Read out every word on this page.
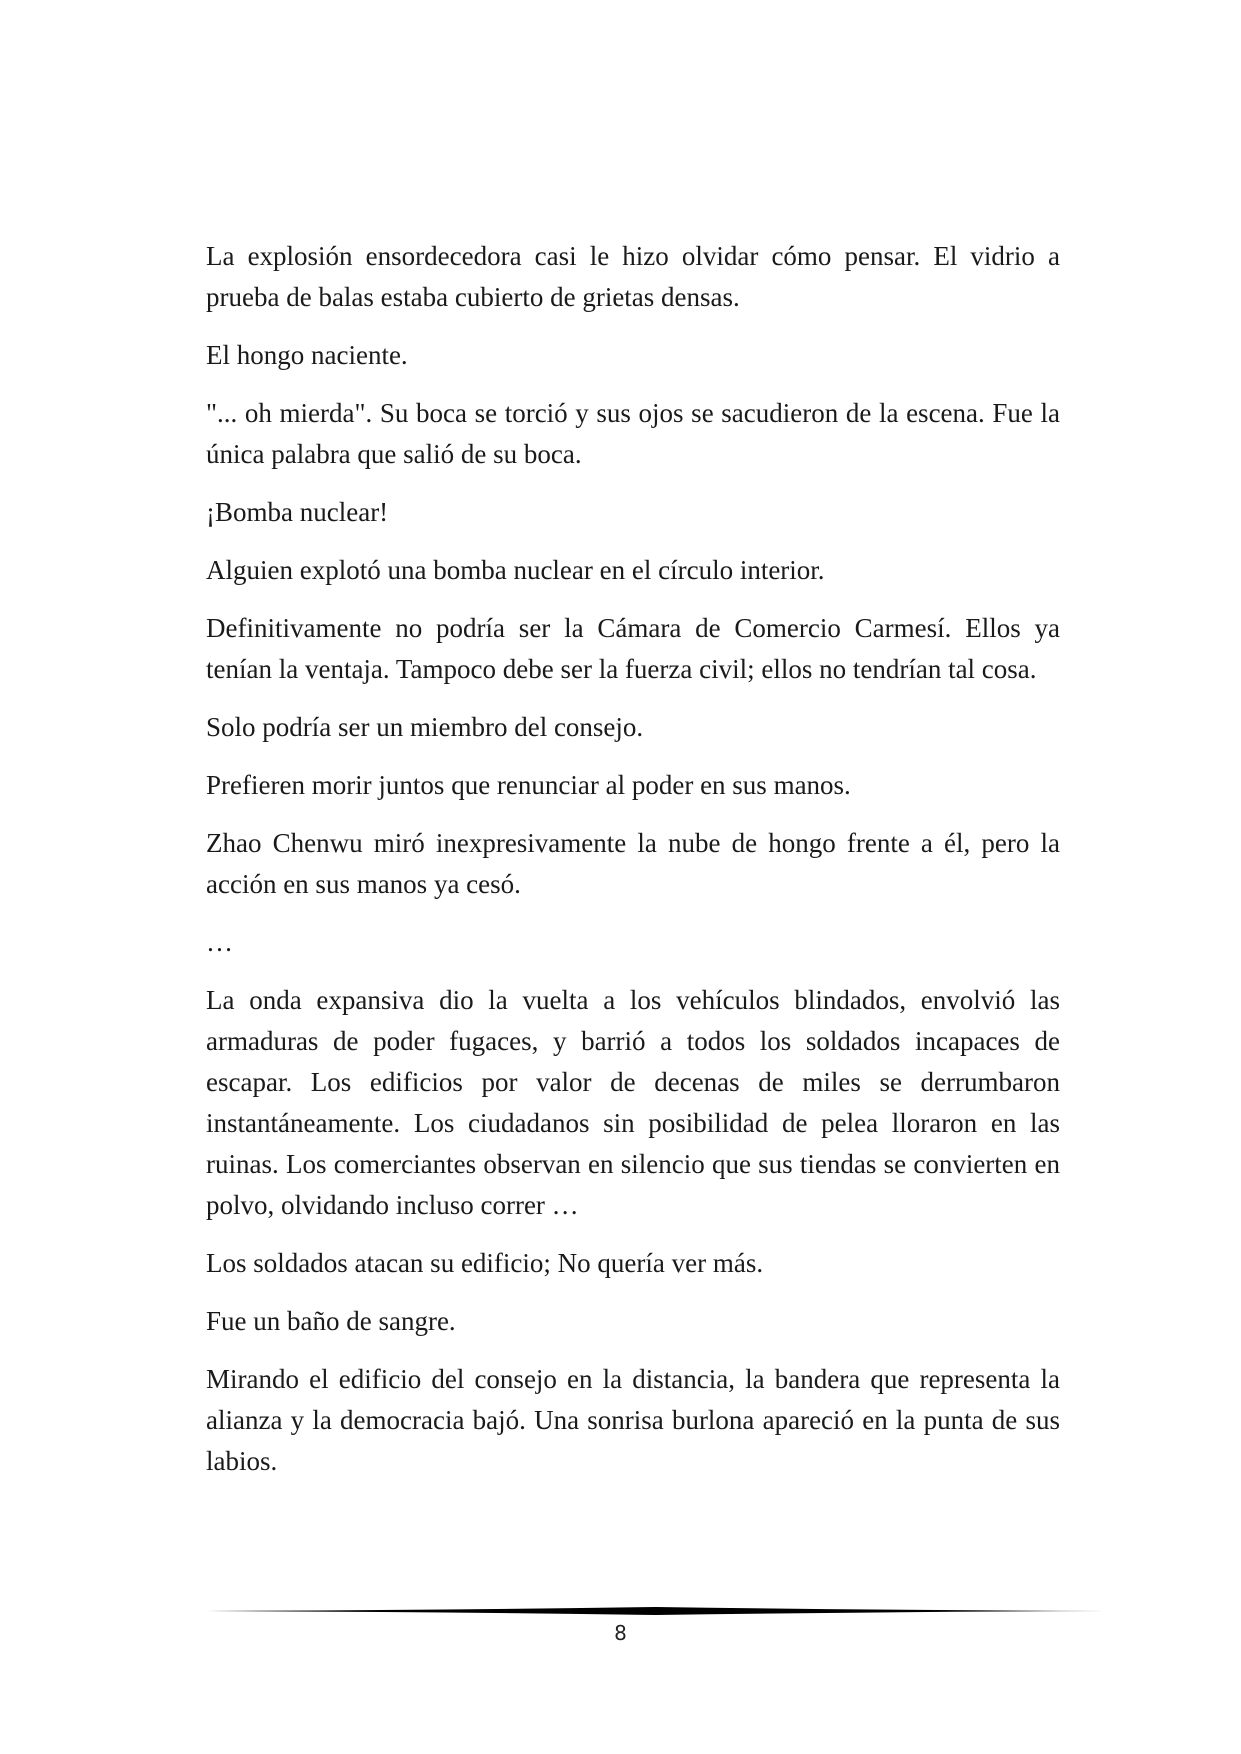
La explosión ensordecedora casi le hizo olvidar cómo pensar. El vidrio a prueba de balas estaba cubierto de grietas densas.

El hongo naciente.

"... oh mierda". Su boca se torció y sus ojos se sacudieron de la escena. Fue la única palabra que salió de su boca.

¡Bomba nuclear!

Alguien explotó una bomba nuclear en el círculo interior.

Definitivamente no podría ser la Cámara de Comercio Carmesí. Ellos ya tenían la ventaja. Tampoco debe ser la fuerza civil; ellos no tendrían tal cosa.

Solo podría ser un miembro del consejo.

Prefieren morir juntos que renunciar al poder en sus manos.

Zhao Chenwu miró inexpresivamente la nube de hongo frente a él, pero la acción en sus manos ya cesó.

…

La onda expansiva dio la vuelta a los vehículos blindados, envolvió las armaduras de poder fugaces, y barrió a todos los soldados incapaces de escapar. Los edificios por valor de decenas de miles se derrumbaron instantáneamente. Los ciudadanos sin posibilidad de pelea lloraron en las ruinas. Los comerciantes observan en silencio que sus tiendas se convierten en polvo, olvidando incluso correr …

Los soldados atacan su edificio; No quería ver más.

Fue un baño de sangre.

Mirando el edificio del consejo en la distancia, la bandera que representa la alianza y la democracia bajó. Una sonrisa burlona apareció en la punta de sus labios.

8
